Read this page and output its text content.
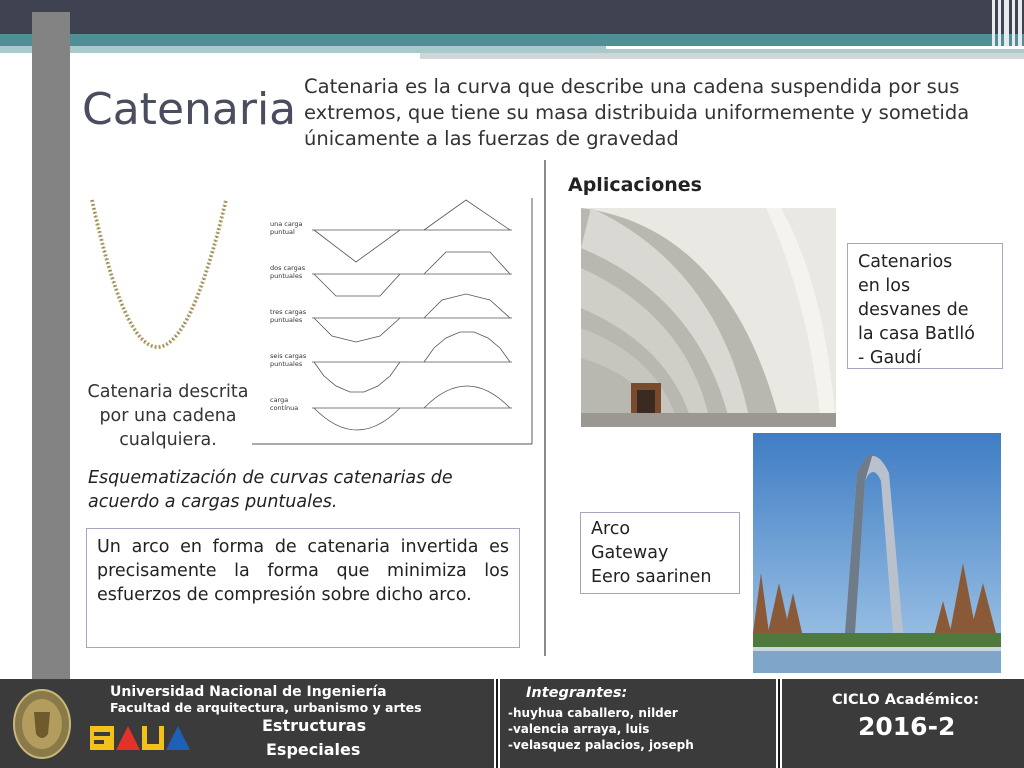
Catenaria Catenaria es la curva que describe una cadena suspendida por sus extremos, que tiene su masa distribuida uniformemente y sometida únicamente a las fuerzas de gravedad
Catenaria descrita
por una cadena
cualquiera.
una carga
puntual
dos cargas
puntuales
tres cargas
puntuales
seis cargas
puntuales
carga
contínua
Esquematización de curvas catenarias de
acuerdo a cargas puntuales.
Un arco en forma de catenaria invertida es precisamente la forma que minimiza los esfuerzos de compresión sobre dicho arco.
Aplicaciones
Catenarios
en los
desvanes de
la casa Batlló
- Gaudí
Arco
Gateway
Eero saarinen
Universidad Nacional de Ingeniería
Facultad de arquitectura, urbanismo y artes
Estructuras
Especiales
Integrantes:
-huyhua caballero, nilder
-valencia arraya, luis
-velasquez palacios, joseph
CICLO Académico:
2016-2
